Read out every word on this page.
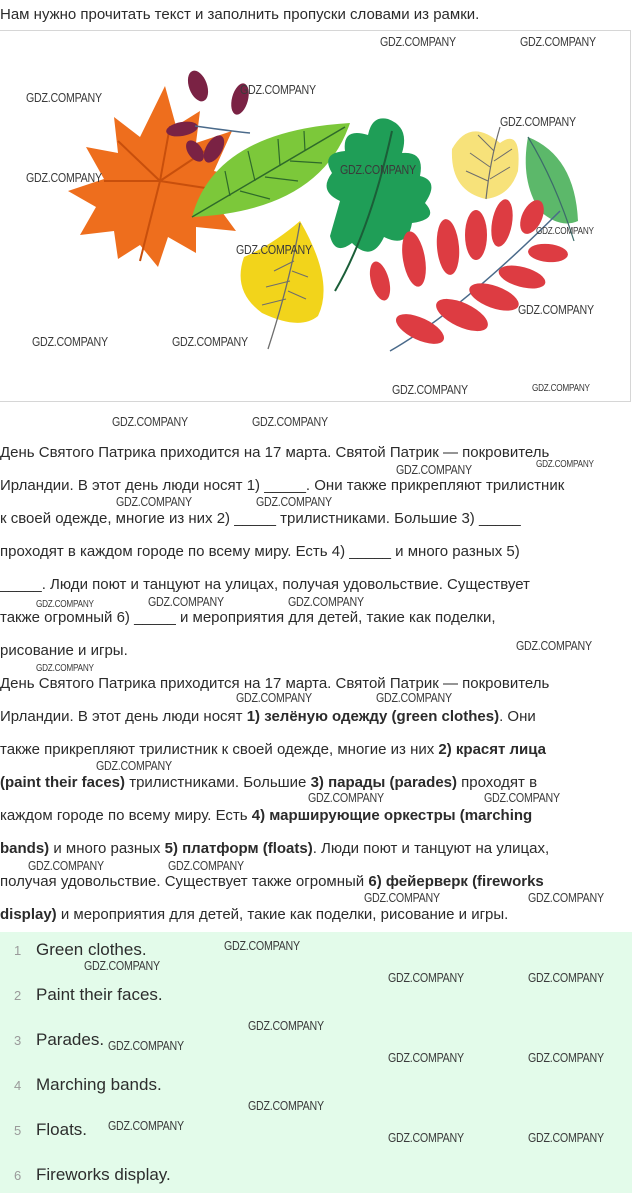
Нам нужно прочитать текст и заполнить пропуски словами из рамки.

День Святого Патрика приходится на 17 марта. Святой Патрик — покровитель
Ирландии. В этот день люди носят 1) _____. Они также прикрепляют трилистник
к своей одежде, многие из них 2) _____ трилистниками. Большие 3) _____
проходят в каждом городе по всему миру. Есть 4) _____ и много разных 5)
_____. Люди поют и танцуют на улицах, получая удовольствие. Существует
также огромный 6) _____ и мероприятия для детей, такие как поделки,
рисование и игры.

День Святого Патрика приходится на 17 марта. Святой Патрик — покровитель
Ирландии. В этот день люди носят 1) зелёную одежду (green clothes). Они
также прикрепляют трилистник к своей одежде, многие из них 2) красят лица
(paint their faces) трилистниками. Большие 3) парады (parades) проходят в
каждом городе по всему миру. Есть 4) марширующие оркестры (marching
bands) и много разных 5) платформ (floats). Люди поют и танцуют на улицах,
получая удовольствие. Существует также огромный 6) фейерверк (fireworks
display) и мероприятия для детей, такие как поделки, рисование и игры.

1 Green clothes.
2 Paint their faces.
3 Parades.
4 Marching bands.
5 Floats.
6 Fireworks display.
GDZ.COMPANY	GDZ.COMPANY
GDZ.COMPANY
GDZ.COMPANY
GDZ.COMPANY
GDZ.COMPANY
GDZ.COMPANY
GDZ.COMPANY
GDZ.COMPANY
GDZ.COMPANY
GDZ.COMPANY	GDZ.COMPANY
GDZ.COMPANY	GDZ.COMPANY
GDZ.COMPANY	GDZ.COMPANY
GDZ.COMPANY	GDZ.COMPANY
GDZ.COMPANY	GDZ.COMPANY
GDZ.COMPANY	GDZ.COMPANY	GDZ.COMPANY
GDZ.COMPANY
GDZ.COMPANY
GDZ.COMPANY	GDZ.COMPANY
GDZ.COMPANY
GDZ.COMPANY	GDZ.COMPANY
GDZ.COMPANY	GDZ.COMPANY
GDZ.COMPANY	GDZ.COMPANY
GDZ.COMPANY
GDZ.COMPANY
GDZ.COMPANY	GDZ.COMPANY
GDZ.COMPANY
GDZ.COMPANY
GDZ.COMPANY	GDZ.COMPANY
GDZ.COMPANY
GDZ.COMPANY
GDZ.COMPANY	GDZ.COMPANY
